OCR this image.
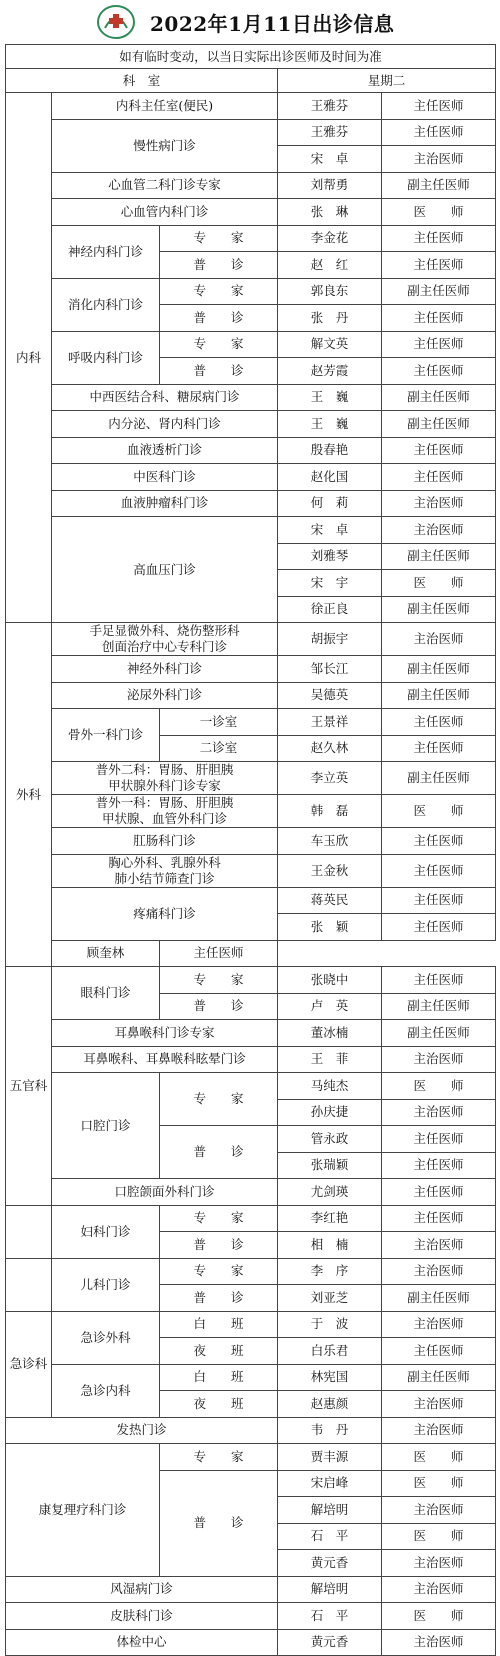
2022年1月11日出诊信息
如有临时变动，以当日实际出诊医师及时间为准				
科　室			星期二	
内科	内科主任室(便民)		王雅芬	主任医师
	慢性病门诊		王雅芬	主任医师
			宋　卓	主治医师
	心血管二科门诊专家		刘帮勇	副主任医师
	心血管内科门诊		张　琳	医　　师
	神经内科门诊	专　　家	李金花	主任医师
		普　　诊	赵　红	主任医师
	消化内科门诊	专　　家	郭良东	副主任医师
		普　　诊	张　丹	主任医师
	呼吸内科门诊	专　　家	解文英	主任医师
		普　　诊	赵芳霞	主任医师
	中西医结合科、糖尿病门诊		王　巍	副主任医师
	内分泌、肾内科门诊		王　巍	副主任医师
	血液透析门诊		殷春艳	主任医师
	中医科门诊		赵化国	主任医师
	血液肿瘤科门诊		何　莉	主治医师
	高血压门诊		宋　卓	主治医师
			刘雅琴	副主任医师
			宋　宇	医　　师
			徐正良	副主任医师
外科	手足显微外科、烧伤整形科
创面治疗中心专科门诊		胡振宇	主治医师
	神经外科门诊		邹长江	副主任医师
	泌尿外科门诊		吴德英	副主任医师
	骨外一科门诊	一诊室	王景祥	主任医师
		二诊室	赵久林	主任医师
	普外二科：胃肠、肝胆胰
甲状腺外科门诊专家		李立英	副主任医师
	普外一科：胃肠、肝胆胰
甲状腺、血管外科门诊		韩　磊	医　　师
	肛肠科门诊		车玉欣	主任医师
	胸心外科、乳腺外科
肺小结节筛查门诊		王金秋	主任医师
	疼痛科门诊		蒋英民	主任医师
			张　颖	主任医师
	顾奎林	主任医师		
五官科	眼科门诊	专　　家	张晓中	主任医师
		普　　诊	卢　英	副主任医师
	耳鼻喉科门诊专家		董冰楠	副主任医师
	耳鼻喉科、耳鼻喉科眩晕门诊		王　菲	主治医师
	口腔门诊	专　　家	马纯杰	医　　师
			孙庆捷	主治医师
		普　　诊	管永政	主任医师
			张瑞颖	主任医师
	口腔颌面外科门诊		尤剑瑛	主任医师
	妇科门诊	专　　家	李红艳	主任医师
		普　　诊	相　楠	主治医师
	儿科门诊	专　　家	李　序	主治医师
		普　　诊	刘亚芝	副主任医师
急诊科	急诊外科	白　　班	于　波	主治医师
		夜　　班	白乐君	主任医师
	急诊内科	白　　班	林宪国	副主任医师
		夜　　班	赵惠颜	主治医师
发热门诊			韦　丹	主治医师
康复理疗科门诊		专　　家	贾丰源	医　　师
		普　　诊	宋启峰	医　　师
			解培明	主治医师
			石　平	医　　师
			黄元香	主治医师
风湿病门诊			解培明	主治医师
皮肤科门诊			石　平	医　　师
体检中心			黄元香	主治医师
